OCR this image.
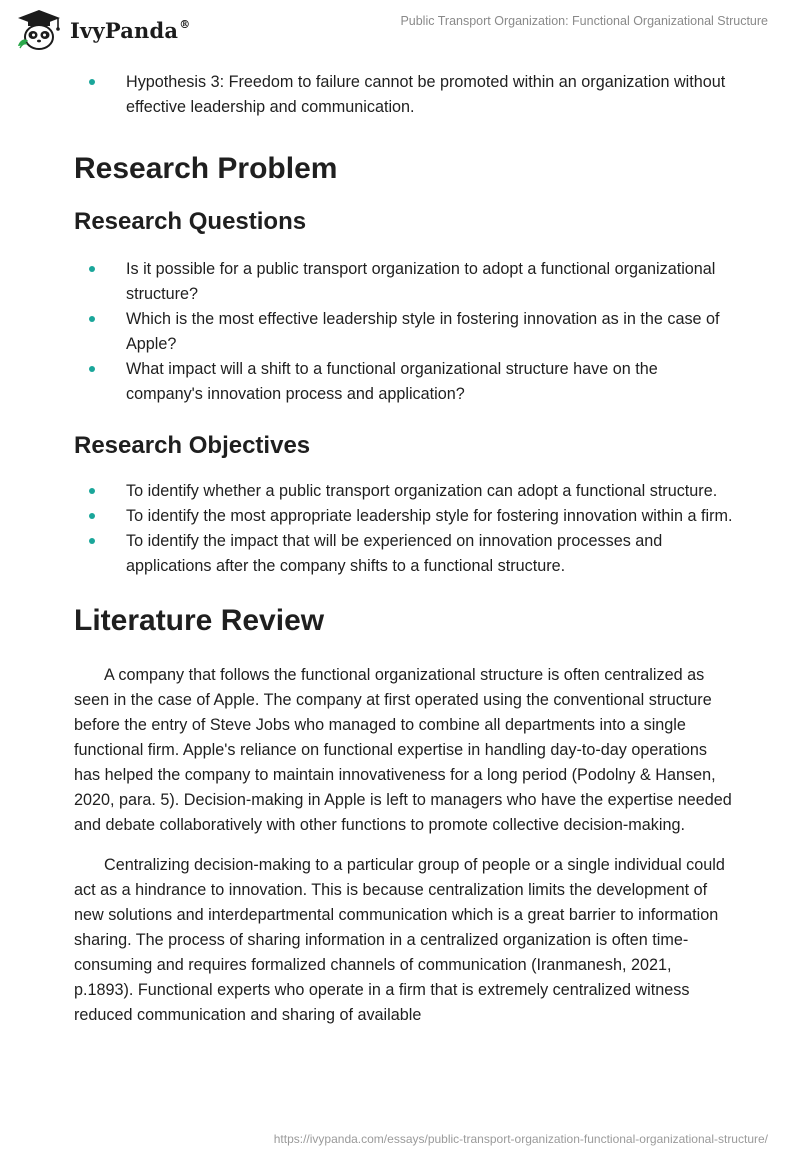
IvyPanda®	Public Transport Organization: Functional Organizational Structure
Hypothesis 3: Freedom to failure cannot be promoted within an organization without effective leadership and communication.
Research Problem
Research Questions
Is it possible for a public transport organization to adopt a functional organizational structure?
Which is the most effective leadership style in fostering innovation as in the case of Apple?
What impact will a shift to a functional organizational structure have on the company's innovation process and application?
Research Objectives
To identify whether a public transport organization can adopt a functional structure.
To identify the most appropriate leadership style for fostering innovation within a firm.
To identify the impact that will be experienced on innovation processes and applications after the company shifts to a functional structure.
Literature Review

A company that follows the functional organizational structure is often centralized as seen in the case of Apple. The company at first operated using the conventional structure before the entry of Steve Jobs who managed to combine all departments into a single functional firm. Apple's reliance on functional expertise in handling day-to-day operations has helped the company to maintain innovativeness for a long period (Podolny & Hansen, 2020, para. 5). Decision-making in Apple is left to managers who have the expertise needed and debate collaboratively with other functions to promote collective decision-making.

Centralizing decision-making to a particular group of people or a single individual could act as a hindrance to innovation. This is because centralization limits the development of new solutions and interdepartmental communication which is a great barrier to information sharing. The process of sharing information in a centralized organization is often time-consuming and requires formalized channels of communication (Iranmanesh, 2021, p.1893). Functional experts who operate in a firm that is extremely centralized witness reduced communication and sharing of available

https://ivypanda.com/essays/public-transport-organization-functional-organizational-structure/
